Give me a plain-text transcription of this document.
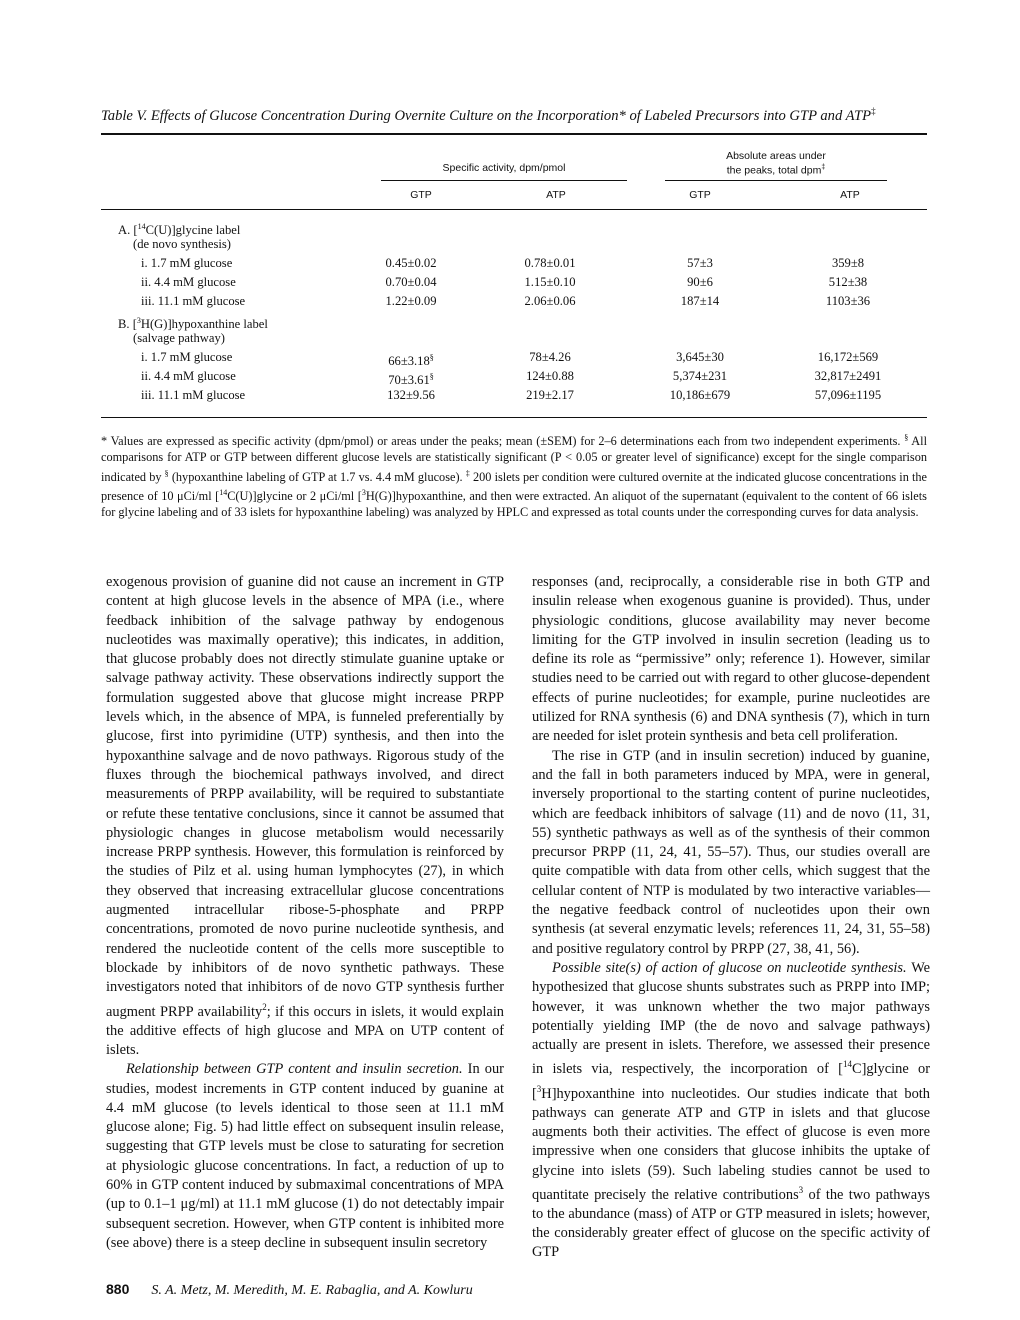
Table V. Effects of Glucose Concentration During Overnite Culture on the Incorporation* of Labeled Precursors into GTP and ATP‡
Specific activity, dpm/pmol
Absolute areas under
the peaks, total dpm‡
GTP	ATP	GTP	ATP
A. [$^{14}$C(U)]glycine label
(de novo synthesis)
i. 1.7 mM glucose	0.45±0.02	0.78±0.01	57±3	359±8
ii. 4.4 mM glucose	0.70±0.04	1.15±0.10	90±6	512±38
iii. 11.1 mM glucose	1.22±0.09	2.06±0.06	187±14	1103±36
B. [$^3$H(G)]hypoxanthine label
(salvage pathway)
i. 1.7 mM glucose	66±3.18§	78±4.26	3,645±30	16,172±569
ii. 4.4 mM glucose	70±3.61§	124±0.88	5,374±231	32,817±2491
iii. 11.1 mM glucose	132±9.56	219±2.17	10,186±679	57,096±1195
* Values are expressed as specific activity (dpm/pmol) or areas under the peaks; mean (±SEM) for 2–6 determinations each from two independent experiments. § All comparisons for ATP or GTP between different glucose levels are statistically significant (P < 0.05 or greater level of significance) except for the single comparison indicated by § (hypoxanthine labeling of GTP at 1.7 vs. 4.4 mM glucose). ‡ 200 islets per condition were cultured overnite at the indicated glucose concentrations in the presence of 10 μCi/ml [$^{14}$C(U)]glycine or 2 μCi/ml [$^3$H(G)]hypoxanthine, and then were extracted. An aliquot of the supernatant (equivalent to the content of 66 islets for glycine labeling and of 33 islets for hypoxanthine labeling) was analyzed by HPLC and expressed as total counts under the corresponding curves for data analysis.

exogenous provision of guanine did not cause an increment in GTP content at high glucose levels in the absence of MPA (i.e., where feedback inhibition of the salvage pathway by endogenous nucleotides was maximally operative); this indicates, in addition, that glucose probably does not directly stimulate guanine uptake or salvage pathway activity. These observations indirectly support the formulation suggested above that glucose might increase PRPP levels which, in the absence of MPA, is funneled preferentially by glucose, first into pyrimidine (UTP) synthesis, and then into the hypoxanthine salvage and de novo pathways. Rigorous study of the fluxes through the biochemical pathways involved, and direct measurements of PRPP availability, will be required to substantiate or refute these tentative conclusions, since it cannot be assumed that physiologic changes in glucose metabolism would necessarily increase PRPP synthesis. However, this formulation is reinforced by the studies of Pilz et al. using human lymphocytes (27), in which they observed that increasing extracellular glucose concentrations augmented intracellular ribose-5-phosphate and PRPP concentrations, promoted de novo purine nucleotide synthesis, and rendered the nucleotide content of the cells more susceptible to blockade by inhibitors of de novo synthetic pathways. These investigators noted that inhibitors of de novo GTP synthesis further augment PRPP availability$^2$; if this occurs in islets, it would explain the additive effects of high glucose and MPA on UTP content of islets.

Relationship between GTP content and insulin secretion. In our studies, modest increments in GTP content induced by guanine at 4.4 mM glucose (to levels identical to those seen at 11.1 mM glucose alone; Fig. 5) had little effect on subsequent insulin release, suggesting that GTP levels must be close to saturating for secretion at physiologic glucose concentrations. In fact, a reduction of up to 60% in GTP content induced by submaximal concentrations of MPA (up to 0.1–1 μg/ml) at 11.1 mM glucose (1) do not detectably impair subsequent secretion. However, when GTP content is inhibited more (see above) there is a steep decline in subsequent insulin secretory

responses (and, reciprocally, a considerable rise in both GTP and insulin release when exogenous guanine is provided). Thus, under physiologic conditions, glucose availability may never become limiting for the GTP involved in insulin secretion (leading us to define its role as “permissive” only; reference 1). However, similar studies need to be carried out with regard to other glucose-dependent effects of purine nucleotides; for example, purine nucleotides are utilized for RNA synthesis (6) and DNA synthesis (7), which in turn are needed for islet protein synthesis and beta cell proliferation.

The rise in GTP (and in insulin secretion) induced by guanine, and the fall in both parameters induced by MPA, were in general, inversely proportional to the starting content of purine nucleotides, which are feedback inhibitors of salvage (11) and de novo (11, 31, 55) synthetic pathways as well as of the synthesis of their common precursor PRPP (11, 24, 41, 55–57). Thus, our studies overall are quite compatible with data from other cells, which suggest that the cellular content of NTP is modulated by two interactive variables—the negative feedback control of nucleotides upon their own synthesis (at several enzymatic levels; references 11, 24, 31, 55–58) and positive regulatory control by PRPP (27, 38, 41, 56).

Possible site(s) of action of glucose on nucleotide synthesis. We hypothesized that glucose shunts substrates such as PRPP into IMP; however, it was unknown whether the two major pathways potentially yielding IMP (the de novo and salvage pathways) actually are present in islets. Therefore, we assessed their presence in islets via, respectively, the incorporation of [$^{14}$C]glycine or [$^3$H]hypoxanthine into nucleotides. Our studies indicate that both pathways can generate ATP and GTP in islets and that glucose augments both their activities. The effect of glucose is even more impressive when one considers that glucose inhibits the uptake of glycine into islets (59). Such labeling studies cannot be used to quantitate precisely the relative contributions$^3$ of the two pathways to the abundance (mass) of ATP or GTP measured in islets; however, the considerably greater effect of glucose on the specific activity of GTP

880 S. A. Metz, M. Meredith, M. E. Rabaglia, and A. Kowluru
